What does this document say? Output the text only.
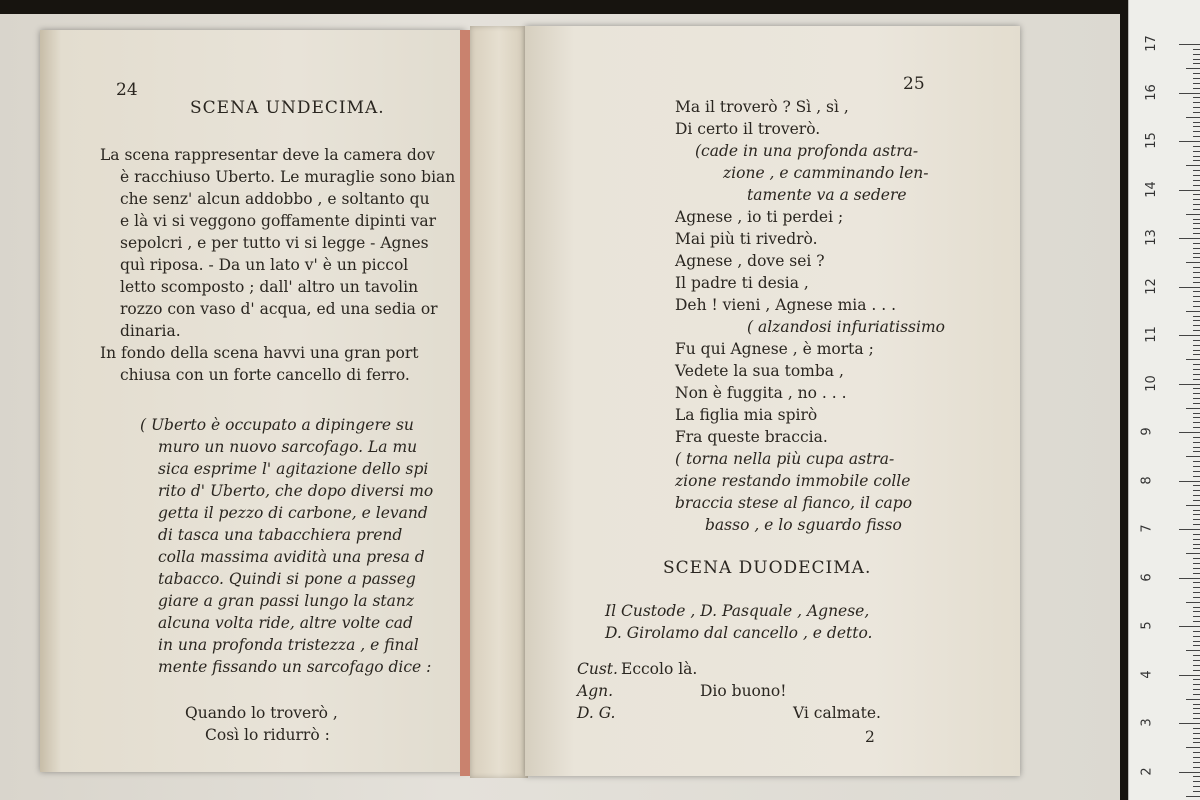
24
SCENA UNDECIMA.
La scena rappresentar deve la camera dov
è racchiuso Uberto. Le muraglie sono bian
che senz' alcun addobbo , e soltanto qu
e là vi si veggono goffamente dipinti var
sepolcri , e per tutto vi si legge - Agnes
quì riposa. - Da un lato v' è un piccol
letto scomposto ; dall' altro un tavolin
rozzo con vaso d' acqua, ed una sedia or
dinaria.
In fondo della scena havvi una gran port
chiusa con un forte cancello di ferro.
( Uberto è occupato a dipingere su
muro un nuovo sarcofago. La mu
sica esprime l' agitazione dello spi
rito d' Uberto, che dopo diversi mo
getta il pezzo di carbone, e levand
di tasca una tabacchiera prend
colla massima avidità una presa d
tabacco. Quindi si pone a passeg
giare a gran passi lungo la stanz
alcuna volta ride, altre volte cad
in una profonda tristezza , e final
mente fissando un sarcofago dice :
Quando lo troverò ,
Così lo ridurrò :
25
Ma il troverò ? Sì , sì ,
Di certo il troverò.
(cade in una profonda astra-
zione , e camminando len-
tamente va a sedere
Agnese , io ti perdei ;
Mai più ti rivedrò.
Agnese , dove sei ?
Il padre ti desia ,
Deh ! vieni , Agnese mia . . .
( alzandosi infuriatissimo
Fu qui Agnese , è morta ;
Vedete la sua tomba ,
Non è fuggita , no . . .
La figlia mia spirò
Fra queste braccia.
( torna nella più cupa astra-
zione restando immobile colle
braccia stese al fianco, il capo
basso , e lo sguardo fisso
SCENA DUODECIMA.
Il Custode , D. Pasquale , Agnese,
D. Girolamo dal cancello , e detto.
Cust. Eccolo là.
Agn.	Dio buono!
D. G.	Vi calmate.
2
17
16
15
14
13
12
11
10
9
8
7
6
5
4
3
2
